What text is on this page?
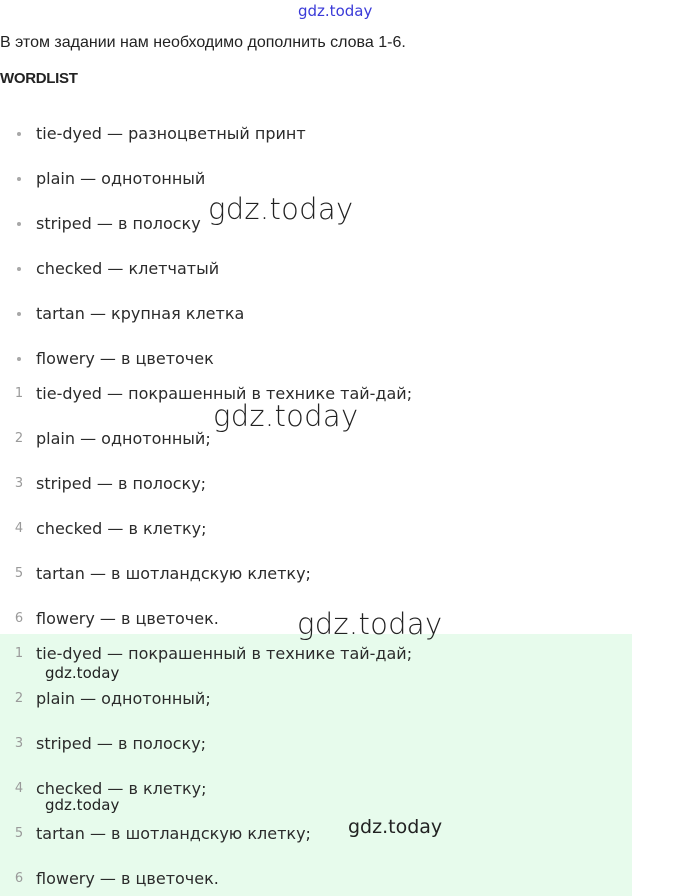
gdz.today
В этом задании нам необходимо дополнить слова 1-6.
WORDLIST
tie-dyed — разноцветный принт
plain — однотонный
striped — в полоску
checked — клетчатый
tartan — крупная клетка
flowery — в цветочек
1 tie-dyed — покрашенный в технике тай-дай;
2 plain — однотонный;
3 striped — в полоску;
4 checked — в клетку;
5 tartan — в шотландскую клетку;
6 flowery — в цветочек.
1 tie-dyed — покрашенный в технике тай-дай;
2 plain — однотонный;
3 striped — в полоску;
4 checked — в клетку;
5 tartan — в шотландскую клетку;
6 flowery — в цветочек.
gdz.today
gdz.today
gdz.today
gdz.today
gdz.today
gdz.today
